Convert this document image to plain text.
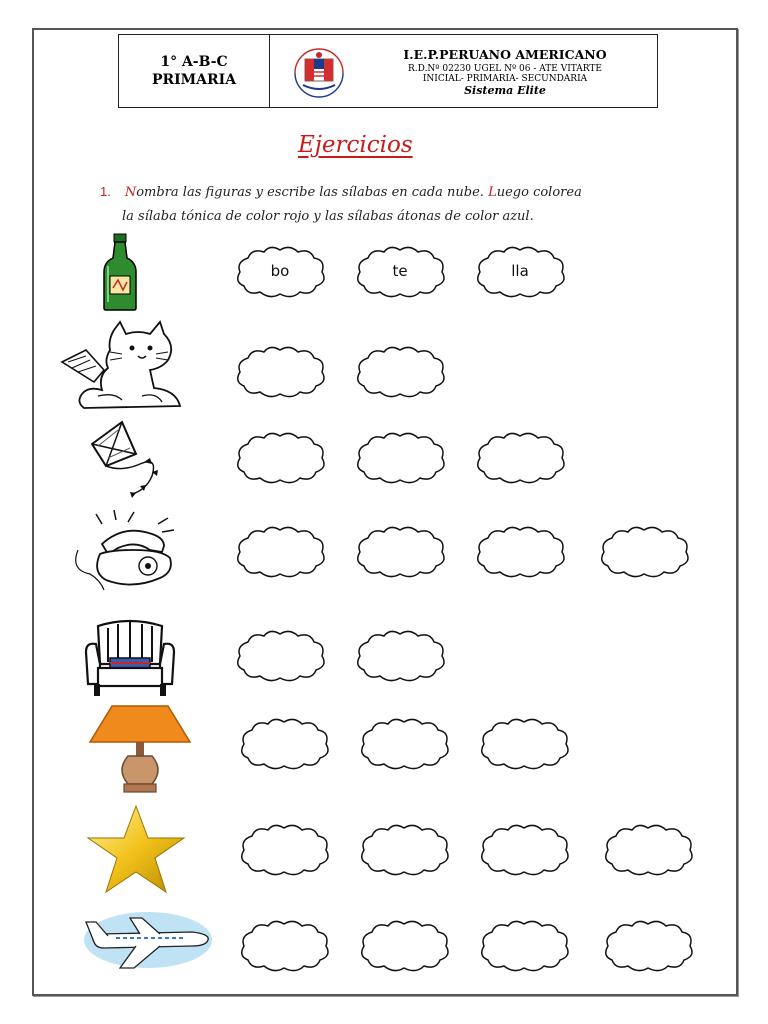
1° A-B-C
PRIMARIA
I.E.P.PERUANO AMERICANO
R.D.Nº 02230 UGEL Nº 06 - ATE VITARTE
INICIAL- PRIMARIA- SECUNDARIA
Sistema Elite
Ejercicios
1. Nombra las figuras y escribe las sílabas en cada nube. Luego colorea
la sílaba tónica de color rojo y las sílabas átonas de color azul.
bo	te	lla
